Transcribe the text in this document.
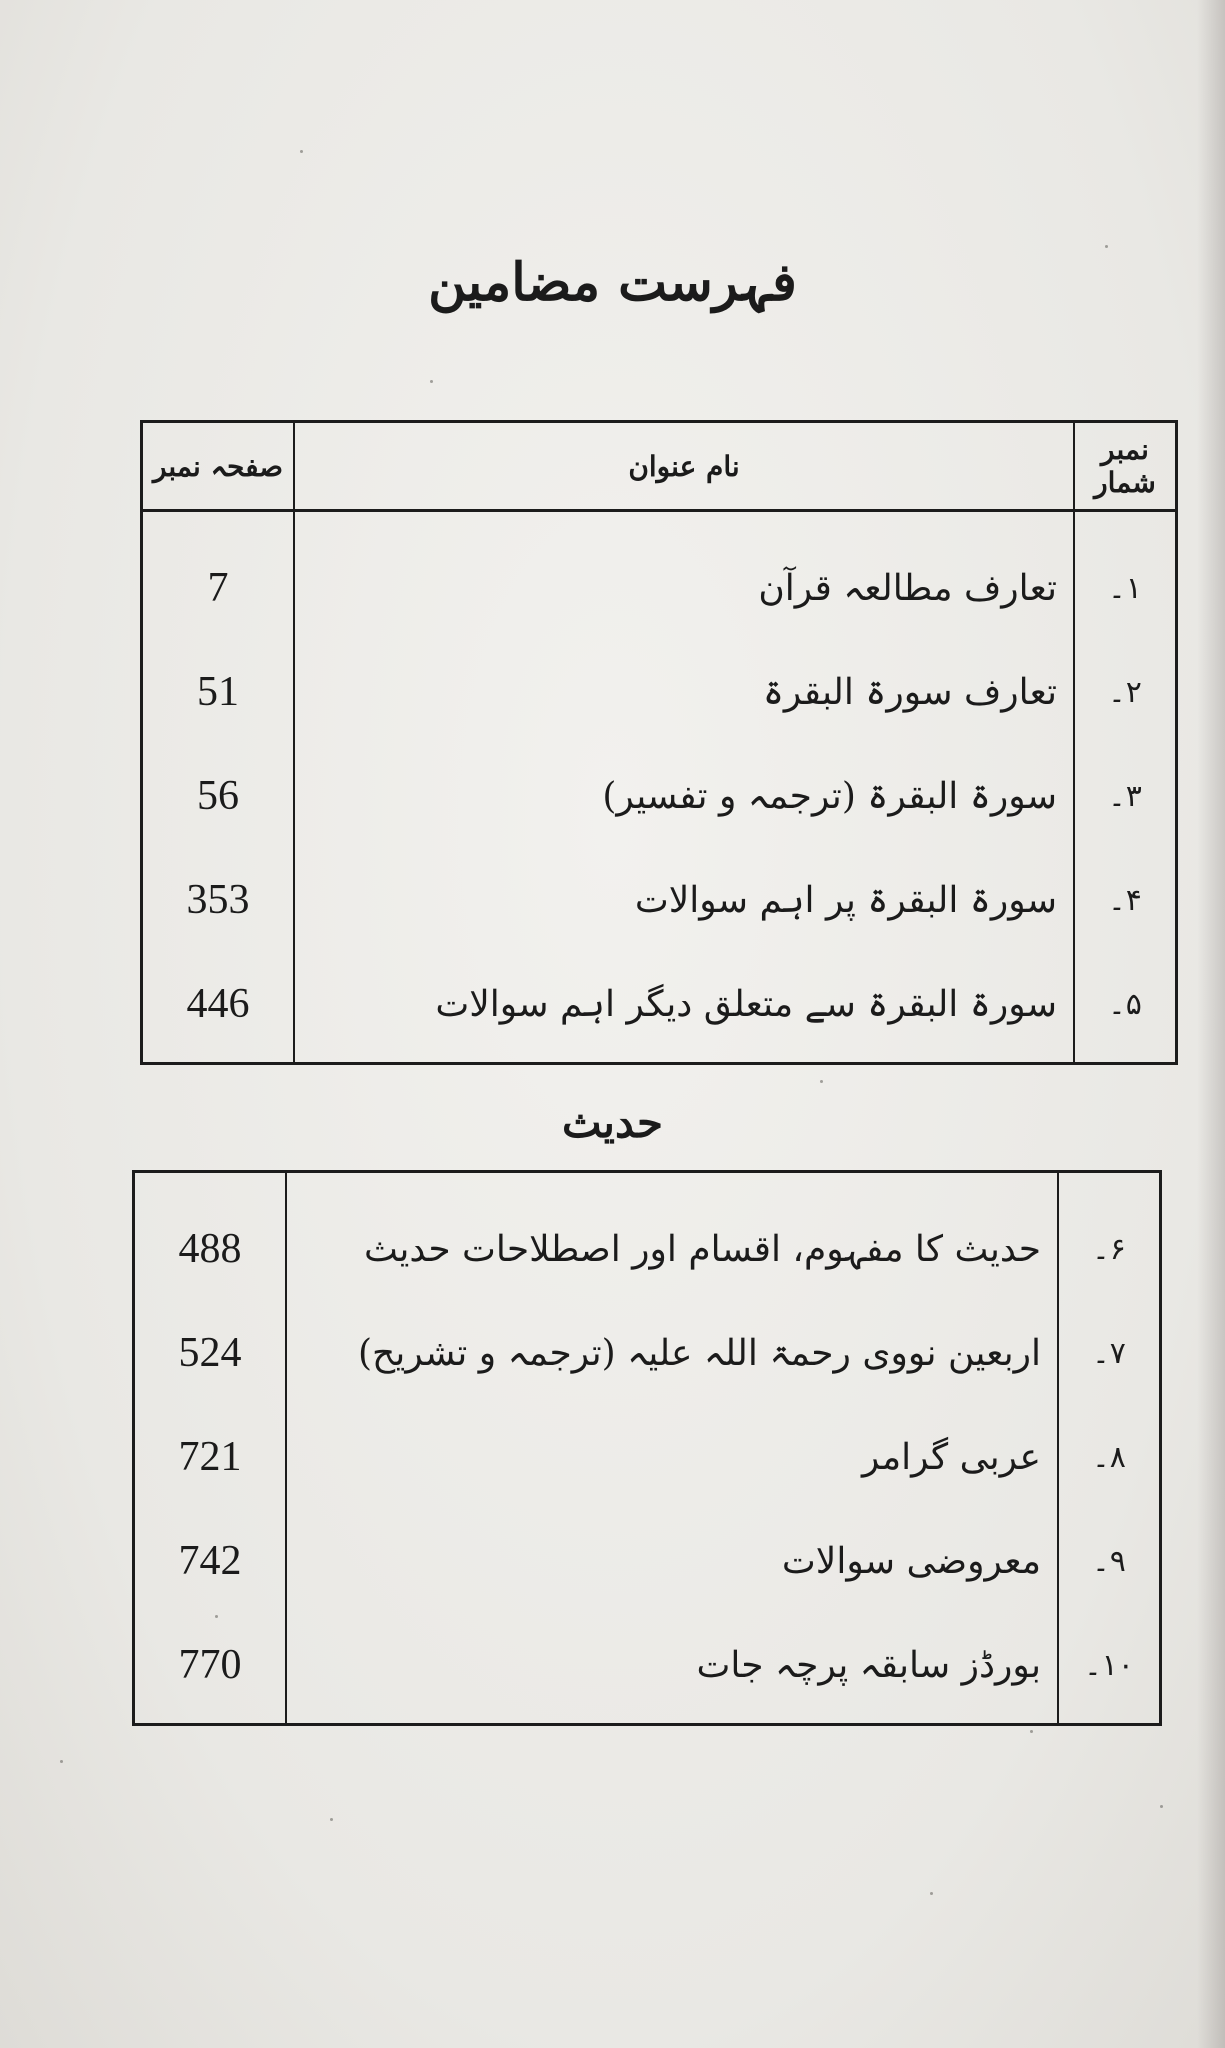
فہرست مضامین
نمبر شمار	نام عنوان	صفحہ نمبر
۱۔	تعارف مطالعہ قرآن	7
۲۔	تعارف سورۃ البقرۃ	51
۳۔	سورۃ البقرۃ (ترجمہ و تفسیر)	56
۴۔	سورۃ البقرۃ پر اہم سوالات	353
۵۔	سورۃ البقرۃ سے متعلق دیگر اہم سوالات	446
حدیث
۶۔	حدیث کا مفہوم، اقسام اور اصطلاحات حدیث	488
۷۔	اربعین نووی رحمۃ اللہ علیہ (ترجمہ و تشریح)	524
۸۔	عربی گرامر	721
۹۔	معروضی سوالات	742
۱۰۔	بورڈز سابقہ پرچہ جات	770
